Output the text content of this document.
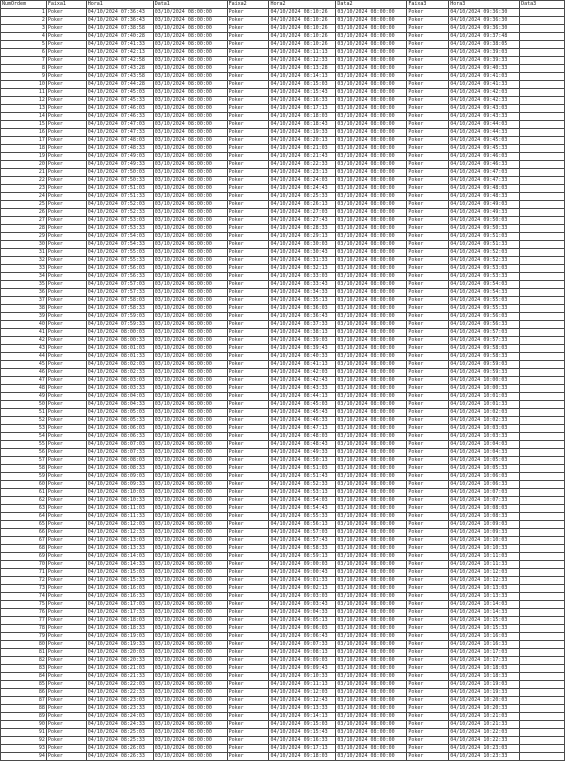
NumOrdem	Faixa1	Hora1	Data1	Faixa2	Hora2	Data2	Faixa3	Hora3	Data3
1	Poker	04/10/2024 07:36:43	03/10/2024 08:00:00	Poker	04/10/2024 08:10:26	03/10/2024 08:00:00	Poker	04/10/2024 09:36:30	
2	Poker	04/10/2024 07:36:43	03/10/2024 08:00:00	Poker	04/10/2024 08:10:26	03/10/2024 08:00:00	Poker	04/10/2024 09:36:30	
3	Poker	04/10/2024 07:38:58	03/10/2024 08:00:00	Poker	04/10/2024 08:10:26	03/10/2024 08:00:00	Poker	04/10/2024 09:36:30	
4	Poker	04/10/2024 07:40:28	03/10/2024 08:00:00	Poker	04/10/2024 08:10:26	03/10/2024 08:00:00	Poker	04/10/2024 09:37:48	
5	Poker	04/10/2024 07:41:33	03/10/2024 08:00:00	Poker	04/10/2024 08:10:26	03/10/2024 08:00:00	Poker	04/10/2024 09:38:05	
6	Poker	04/10/2024 07:42:13	03/10/2024 08:00:00	Poker	04/10/2024 08:11:13	03/10/2024 08:00:00	Poker	04/10/2024 09:39:03	
7	Poker	04/10/2024 07:42:58	03/10/2024 08:00:00	Poker	04/10/2024 08:12:33	03/10/2024 08:00:00	Poker	04/10/2024 09:39:33	
8	Poker	04/10/2024 07:43:28	03/10/2024 08:00:00	Poker	04/10/2024 08:13:28	03/10/2024 08:00:00	Poker	04/10/2024 09:40:33	
9	Poker	04/10/2024 07:43:58	03/10/2024 08:00:00	Poker	04/10/2024 08:14:13	03/10/2024 08:00:00	Poker	04/10/2024 09:41:03	
10	Poker	04/10/2024 07:44:28	03/10/2024 08:00:00	Poker	04/10/2024 08:15:03	03/10/2024 08:00:00	Poker	04/10/2024 09:41:33	
11	Poker	04/10/2024 07:45:03	03/10/2024 08:00:00	Poker	04/10/2024 08:15:43	03/10/2024 08:00:00	Poker	04/10/2024 09:42:03	
12	Poker	04/10/2024 07:45:33	03/10/2024 08:00:00	Poker	04/10/2024 08:16:33	03/10/2024 08:00:00	Poker	04/10/2024 09:42:33	
13	Poker	04/10/2024 07:46:03	03/10/2024 08:00:00	Poker	04/10/2024 08:17:13	03/10/2024 08:00:00	Poker	04/10/2024 09:43:03	
14	Poker	04/10/2024 07:46:33	03/10/2024 08:00:00	Poker	04/10/2024 08:18:03	03/10/2024 08:00:00	Poker	04/10/2024 09:43:33	
15	Poker	04/10/2024 07:47:03	03/10/2024 08:00:00	Poker	04/10/2024 08:18:43	03/10/2024 08:00:00	Poker	04/10/2024 09:44:03	
16	Poker	04/10/2024 07:47:33	03/10/2024 08:00:00	Poker	04/10/2024 08:19:33	03/10/2024 08:00:00	Poker	04/10/2024 09:44:33	
17	Poker	04/10/2024 07:48:03	03/10/2024 08:00:00	Poker	04/10/2024 08:20:13	03/10/2024 08:00:00	Poker	04/10/2024 09:45:03	
18	Poker	04/10/2024 07:48:33	03/10/2024 08:00:00	Poker	04/10/2024 08:21:03	03/10/2024 08:00:00	Poker	04/10/2024 09:45:33	
19	Poker	04/10/2024 07:49:03	03/10/2024 08:00:00	Poker	04/10/2024 08:21:43	03/10/2024 08:00:00	Poker	04/10/2024 09:46:03	
20	Poker	04/10/2024 07:49:33	03/10/2024 08:00:00	Poker	04/10/2024 08:22:33	03/10/2024 08:00:00	Poker	04/10/2024 09:46:33	
21	Poker	04/10/2024 07:50:03	03/10/2024 08:00:00	Poker	04/10/2024 08:23:13	03/10/2024 08:00:00	Poker	04/10/2024 09:47:03	
22	Poker	04/10/2024 07:50:33	03/10/2024 08:00:00	Poker	04/10/2024 08:24:03	03/10/2024 08:00:00	Poker	04/10/2024 09:47:33	
23	Poker	04/10/2024 07:51:03	03/10/2024 08:00:00	Poker	04/10/2024 08:24:43	03/10/2024 08:00:00	Poker	04/10/2024 09:48:03	
24	Poker	04/10/2024 07:51:33	03/10/2024 08:00:00	Poker	04/10/2024 08:25:33	03/10/2024 08:00:00	Poker	04/10/2024 09:48:33	
25	Poker	04/10/2024 07:52:03	03/10/2024 08:00:00	Poker	04/10/2024 08:26:13	03/10/2024 08:00:00	Poker	04/10/2024 09:49:03	
26	Poker	04/10/2024 07:52:33	03/10/2024 08:00:00	Poker	04/10/2024 08:27:03	03/10/2024 08:00:00	Poker	04/10/2024 09:49:33	
27	Poker	04/10/2024 07:53:03	03/10/2024 08:00:00	Poker	04/10/2024 08:27:43	03/10/2024 08:00:00	Poker	04/10/2024 09:50:03	
28	Poker	04/10/2024 07:53:33	03/10/2024 08:00:00	Poker	04/10/2024 08:28:33	03/10/2024 08:00:00	Poker	04/10/2024 09:50:33	
29	Poker	04/10/2024 07:54:03	03/10/2024 08:00:00	Poker	04/10/2024 08:29:13	03/10/2024 08:00:00	Poker	04/10/2024 09:51:03	
30	Poker	04/10/2024 07:54:33	03/10/2024 08:00:00	Poker	04/10/2024 08:30:03	03/10/2024 08:00:00	Poker	04/10/2024 09:51:33	
31	Poker	04/10/2024 07:55:03	03/10/2024 08:00:00	Poker	04/10/2024 08:30:43	03/10/2024 08:00:00	Poker	04/10/2024 09:52:03	
32	Poker	04/10/2024 07:55:33	03/10/2024 08:00:00	Poker	04/10/2024 08:31:33	03/10/2024 08:00:00	Poker	04/10/2024 09:52:33	
33	Poker	04/10/2024 07:56:03	03/10/2024 08:00:00	Poker	04/10/2024 08:32:13	03/10/2024 08:00:00	Poker	04/10/2024 09:53:03	
34	Poker	04/10/2024 07:56:33	03/10/2024 08:00:00	Poker	04/10/2024 08:33:03	03/10/2024 08:00:00	Poker	04/10/2024 09:53:33	
35	Poker	04/10/2024 07:57:03	03/10/2024 08:00:00	Poker	04/10/2024 08:33:43	03/10/2024 08:00:00	Poker	04/10/2024 09:54:03	
36	Poker	04/10/2024 07:57:33	03/10/2024 08:00:00	Poker	04/10/2024 08:34:33	03/10/2024 08:00:00	Poker	04/10/2024 09:54:33	
37	Poker	04/10/2024 07:58:03	03/10/2024 08:00:00	Poker	04/10/2024 08:35:13	03/10/2024 08:00:00	Poker	04/10/2024 09:55:03	
38	Poker	04/10/2024 07:58:33	03/10/2024 08:00:00	Poker	04/10/2024 08:36:03	03/10/2024 08:00:00	Poker	04/10/2024 09:55:33	
39	Poker	04/10/2024 07:59:03	03/10/2024 08:00:00	Poker	04/10/2024 08:36:43	03/10/2024 08:00:00	Poker	04/10/2024 09:56:03	
40	Poker	04/10/2024 07:59:33	03/10/2024 08:00:00	Poker	04/10/2024 08:37:33	03/10/2024 08:00:00	Poker	04/10/2024 09:56:33	
41	Poker	04/10/2024 08:00:03	03/10/2024 08:00:00	Poker	04/10/2024 08:38:13	03/10/2024 08:00:00	Poker	04/10/2024 09:57:03	
42	Poker	04/10/2024 08:00:33	03/10/2024 08:00:00	Poker	04/10/2024 08:39:03	03/10/2024 08:00:00	Poker	04/10/2024 09:57:33	
43	Poker	04/10/2024 08:01:03	03/10/2024 08:00:00	Poker	04/10/2024 08:39:43	03/10/2024 08:00:00	Poker	04/10/2024 09:58:03	
44	Poker	04/10/2024 08:01:33	03/10/2024 08:00:00	Poker	04/10/2024 08:40:33	03/10/2024 08:00:00	Poker	04/10/2024 09:58:33	
45	Poker	04/10/2024 08:02:03	03/10/2024 08:00:00	Poker	04/10/2024 08:41:13	03/10/2024 08:00:00	Poker	04/10/2024 09:59:03	
46	Poker	04/10/2024 08:02:33	03/10/2024 08:00:00	Poker	04/10/2024 08:42:03	03/10/2024 08:00:00	Poker	04/10/2024 09:59:33	
47	Poker	04/10/2024 08:03:03	03/10/2024 08:00:00	Poker	04/10/2024 08:42:43	03/10/2024 08:00:00	Poker	04/10/2024 10:00:03	
48	Poker	04/10/2024 08:03:33	03/10/2024 08:00:00	Poker	04/10/2024 08:43:33	03/10/2024 08:00:00	Poker	04/10/2024 10:00:33	
49	Poker	04/10/2024 08:04:03	03/10/2024 08:00:00	Poker	04/10/2024 08:44:13	03/10/2024 08:00:00	Poker	04/10/2024 10:01:03	
50	Poker	04/10/2024 08:04:33	03/10/2024 08:00:00	Poker	04/10/2024 08:45:03	03/10/2024 08:00:00	Poker	04/10/2024 10:01:33	
51	Poker	04/10/2024 08:05:03	03/10/2024 08:00:00	Poker	04/10/2024 08:45:43	03/10/2024 08:00:00	Poker	04/10/2024 10:02:03	
52	Poker	04/10/2024 08:05:33	03/10/2024 08:00:00	Poker	04/10/2024 08:46:33	03/10/2024 08:00:00	Poker	04/10/2024 10:02:33	
53	Poker	04/10/2024 08:06:03	03/10/2024 08:00:00	Poker	04/10/2024 08:47:13	03/10/2024 08:00:00	Poker	04/10/2024 10:03:03	
54	Poker	04/10/2024 08:06:33	03/10/2024 08:00:00	Poker	04/10/2024 08:48:03	03/10/2024 08:00:00	Poker	04/10/2024 10:03:33	
55	Poker	04/10/2024 08:07:03	03/10/2024 08:00:00	Poker	04/10/2024 08:48:43	03/10/2024 08:00:00	Poker	04/10/2024 10:04:03	
56	Poker	04/10/2024 08:07:33	03/10/2024 08:00:00	Poker	04/10/2024 08:49:33	03/10/2024 08:00:00	Poker	04/10/2024 10:04:33	
57	Poker	04/10/2024 08:08:03	03/10/2024 08:00:00	Poker	04/10/2024 08:50:13	03/10/2024 08:00:00	Poker	04/10/2024 10:05:03	
58	Poker	04/10/2024 08:08:33	03/10/2024 08:00:00	Poker	04/10/2024 08:51:03	03/10/2024 08:00:00	Poker	04/10/2024 10:05:33	
59	Poker	04/10/2024 08:09:03	03/10/2024 08:00:00	Poker	04/10/2024 08:51:43	03/10/2024 08:00:00	Poker	04/10/2024 10:06:03	
60	Poker	04/10/2024 08:09:33	03/10/2024 08:00:00	Poker	04/10/2024 08:52:33	03/10/2024 08:00:00	Poker	04/10/2024 10:06:33	
61	Poker	04/10/2024 08:10:03	03/10/2024 08:00:00	Poker	04/10/2024 08:53:13	03/10/2024 08:00:00	Poker	04/10/2024 10:07:03	
62	Poker	04/10/2024 08:10:33	03/10/2024 08:00:00	Poker	04/10/2024 08:54:03	03/10/2024 08:00:00	Poker	04/10/2024 10:07:33	
63	Poker	04/10/2024 08:11:03	03/10/2024 08:00:00	Poker	04/10/2024 08:54:43	03/10/2024 08:00:00	Poker	04/10/2024 10:08:03	
64	Poker	04/10/2024 08:11:33	03/10/2024 08:00:00	Poker	04/10/2024 08:55:33	03/10/2024 08:00:00	Poker	04/10/2024 10:08:33	
65	Poker	04/10/2024 08:12:03	03/10/2024 08:00:00	Poker	04/10/2024 08:56:13	03/10/2024 08:00:00	Poker	04/10/2024 10:09:03	
66	Poker	04/10/2024 08:12:33	03/10/2024 08:00:00	Poker	04/10/2024 08:57:03	03/10/2024 08:00:00	Poker	04/10/2024 10:09:33	
67	Poker	04/10/2024 08:13:03	03/10/2024 08:00:00	Poker	04/10/2024 08:57:43	03/10/2024 08:00:00	Poker	04/10/2024 10:10:03	
68	Poker	04/10/2024 08:13:33	03/10/2024 08:00:00	Poker	04/10/2024 08:58:33	03/10/2024 08:00:00	Poker	04/10/2024 10:10:33	
69	Poker	04/10/2024 08:14:03	03/10/2024 08:00:00	Poker	04/10/2024 08:59:13	03/10/2024 08:00:00	Poker	04/10/2024 10:11:03	
70	Poker	04/10/2024 08:14:33	03/10/2024 08:00:00	Poker	04/10/2024 09:00:03	03/10/2024 08:00:00	Poker	04/10/2024 10:11:33	
71	Poker	04/10/2024 08:15:03	03/10/2024 08:00:00	Poker	04/10/2024 09:00:43	03/10/2024 08:00:00	Poker	04/10/2024 10:12:03	
72	Poker	04/10/2024 08:15:33	03/10/2024 08:00:00	Poker	04/10/2024 09:01:33	03/10/2024 08:00:00	Poker	04/10/2024 10:12:33	
73	Poker	04/10/2024 08:16:03	03/10/2024 08:00:00	Poker	04/10/2024 09:02:13	03/10/2024 08:00:00	Poker	04/10/2024 10:13:03	
74	Poker	04/10/2024 08:16:33	03/10/2024 08:00:00	Poker	04/10/2024 09:03:03	03/10/2024 08:00:00	Poker	04/10/2024 10:13:33	
75	Poker	04/10/2024 08:17:03	03/10/2024 08:00:00	Poker	04/10/2024 09:03:43	03/10/2024 08:00:00	Poker	04/10/2024 10:14:03	
76	Poker	04/10/2024 08:17:33	03/10/2024 08:00:00	Poker	04/10/2024 09:04:33	03/10/2024 08:00:00	Poker	04/10/2024 10:14:33	
77	Poker	04/10/2024 08:18:03	03/10/2024 08:00:00	Poker	04/10/2024 09:05:13	03/10/2024 08:00:00	Poker	04/10/2024 10:15:03	
78	Poker	04/10/2024 08:18:33	03/10/2024 08:00:00	Poker	04/10/2024 09:06:03	03/10/2024 08:00:00	Poker	04/10/2024 10:15:33	
79	Poker	04/10/2024 08:19:03	03/10/2024 08:00:00	Poker	04/10/2024 09:06:43	03/10/2024 08:00:00	Poker	04/10/2024 10:16:03	
80	Poker	04/10/2024 08:19:33	03/10/2024 08:00:00	Poker	04/10/2024 09:07:33	03/10/2024 08:00:00	Poker	04/10/2024 10:16:33	
81	Poker	04/10/2024 08:20:03	03/10/2024 08:00:00	Poker	04/10/2024 09:08:13	03/10/2024 08:00:00	Poker	04/10/2024 10:17:03	
82	Poker	04/10/2024 08:20:33	03/10/2024 08:00:00	Poker	04/10/2024 09:09:03	03/10/2024 08:00:00	Poker	04/10/2024 10:17:33	
83	Poker	04/10/2024 08:21:03	03/10/2024 08:00:00	Poker	04/10/2024 09:09:43	03/10/2024 08:00:00	Poker	04/10/2024 10:18:03	
84	Poker	04/10/2024 08:21:33	03/10/2024 08:00:00	Poker	04/10/2024 09:10:33	03/10/2024 08:00:00	Poker	04/10/2024 10:18:33	
85	Poker	04/10/2024 08:22:03	03/10/2024 08:00:00	Poker	04/10/2024 09:11:13	03/10/2024 08:00:00	Poker	04/10/2024 10:19:03	
86	Poker	04/10/2024 08:22:33	03/10/2024 08:00:00	Poker	04/10/2024 09:12:03	03/10/2024 08:00:00	Poker	04/10/2024 10:19:33	
87	Poker	04/10/2024 08:23:03	03/10/2024 08:00:00	Poker	04/10/2024 09:12:43	03/10/2024 08:00:00	Poker	04/10/2024 10:20:03	
88	Poker	04/10/2024 08:23:33	03/10/2024 08:00:00	Poker	04/10/2024 09:13:33	03/10/2024 08:00:00	Poker	04/10/2024 10:20:33	
89	Poker	04/10/2024 08:24:03	03/10/2024 08:00:00	Poker	04/10/2024 09:14:13	03/10/2024 08:00:00	Poker	04/10/2024 10:21:03	
90	Poker	04/10/2024 08:24:33	03/10/2024 08:00:00	Poker	04/10/2024 09:15:03	03/10/2024 08:00:00	Poker	04/10/2024 10:21:33	
91	Poker	04/10/2024 08:25:03	03/10/2024 08:00:00	Poker	04/10/2024 09:15:43	03/10/2024 08:00:00	Poker	04/10/2024 10:22:03	
92	Poker	04/10/2024 08:25:33	03/10/2024 08:00:00	Poker	04/10/2024 09:16:33	03/10/2024 08:00:00	Poker	04/10/2024 10:22:33	
93	Poker	04/10/2024 08:26:03	03/10/2024 08:00:00	Poker	04/10/2024 09:17:13	03/10/2024 08:00:00	Poker	04/10/2024 10:23:03	
94	Poker	04/10/2024 08:26:33	03/10/2024 08:00:00	Poker	04/10/2024 09:18:03	03/10/2024 08:00:00	Poker	04/10/2024 10:23:33	
